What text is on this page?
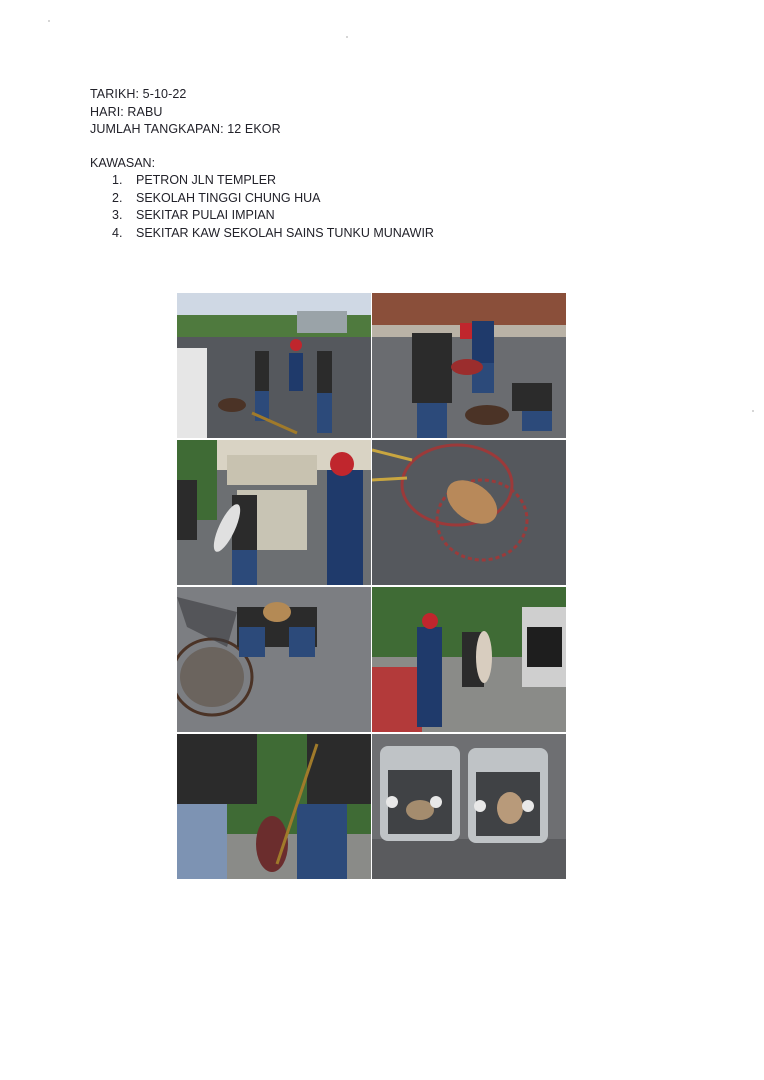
TARIKH: 5-10-22
HARI: RABU
JUMLAH TANGKAPAN: 12 EKOR
KAWASAN:
1. PETRON JLN TEMPLER
2. SEKOLAH TINGGI CHUNG HUA
3. SEKITAR PULAI IMPIAN
4. SEKITAR KAW SEKOLAH SAINS TUNKU MUNAWIR
